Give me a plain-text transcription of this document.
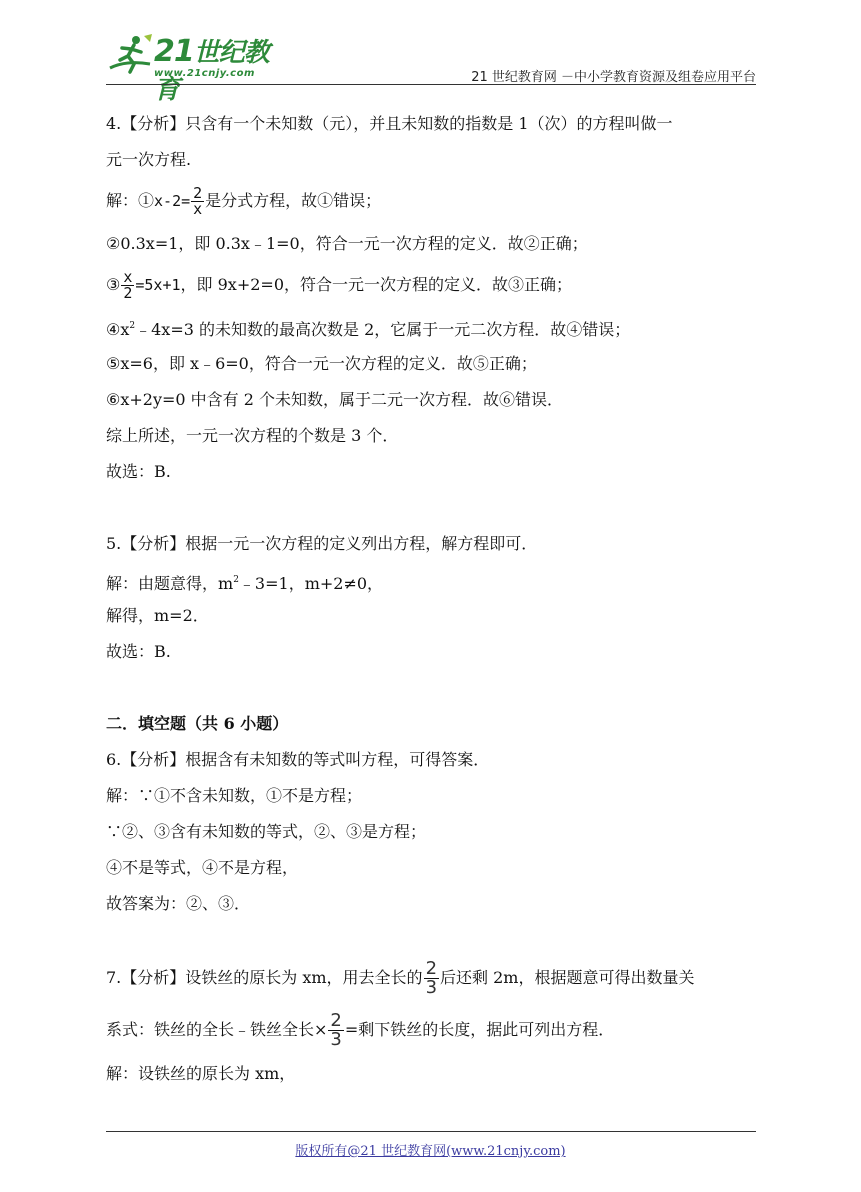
21世纪教育
www.21cnjy.com	21 世纪教育网 －中小学教育资源及组卷应用平台
4.【分析】只含有一个未知数（元），并且未知数的指数是 1（次）的方程叫做一
元一次方程.
解：①x-2= $\frac{2}{x}$ 是分式方程，故①错误；
②0.3x=1，即 0.3x﹣1=0，符合一元一次方程的定义．故②正确；
③ $\frac{x}{2} =5x+1$，即 9x+2=0，符合一元一次方程的定义．故③正确；
$④x^2﹣4x=3$ 的未知数的最高次数是 2，它属于一元二次方程．故④错误；
⑤x=6，即 x﹣6=0，符合一元一次方程的定义．故⑤正确；
⑥x+2y=0 中含有 2 个未知数，属于二元一次方程．故⑥错误．
综上所述，一元一次方程的个数是 3 个．
故选：B.
5.【分析】根据一元一次方程的定义列出方程，解方程即可．
解：由题意得，$m^2﹣3=1$，m+2≠0，
解得，m=2．
故选：B.
二．填空题（共 6 小题）
6.【分析】根据含有未知数的等式叫方程，可得答案．
解：∵①不含未知数，①不是方程；
∵②、③含有未知数的等式，②、③是方程；
④不是等式，④不是方程，
故答案为：②、③．
7.【分析】设铁丝的原长为 xm，用去全长的 $\frac{2}{3}$ 后还剩 2m，根据题意可得出数量关
系式：铁丝的全长﹣铁丝全长× $\frac{2}{3}$ =剩下铁丝的长度，据此可列出方程．
解：设铁丝的原长为 xm，
版权所有@21 世纪教育网(www.21cnjy.com)
